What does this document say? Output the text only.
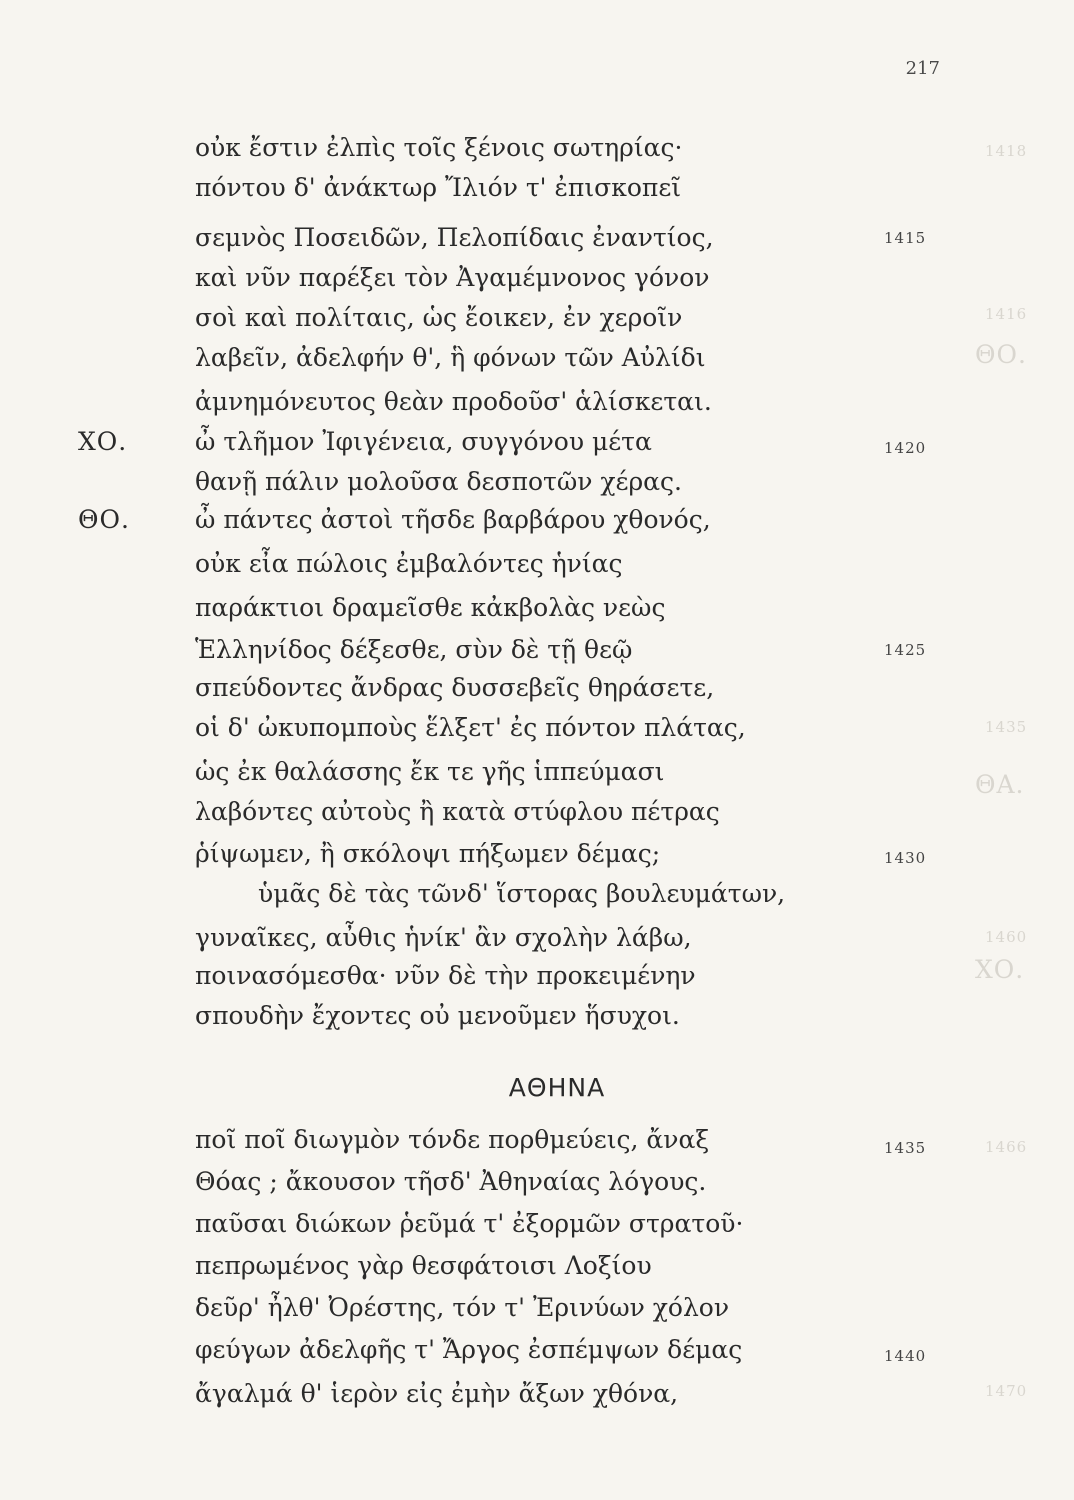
1418
1416
ΘΟ.
1435
ΘΑ.
1460
ΧΟ.
1466
1470
217
οὐκ ἔστιν ἐλπὶς τοῖς ξένοις σωτηρίας·
πόντου δ' ἀνάκτωρ Ἴλιόν τ' ἐπισκοπεῖ
σεμνὸς Ποσειδῶν, Πελοπίδαις ἐναντίος,	1415
καὶ νῦν παρέξει τὸν Ἀγαμέμνονος γόνον
σοὶ καὶ πολίταις, ὡς ἔοικεν, ἐν χεροῖν
λαβεῖν, ἀδελφήν θ', ἣ φόνων τῶν Αὐλίδι
ἀμνημόνευτος θεὰν προδοῦσ' ἁλίσκεται.
ΧΟ.	ὦ τλῆμον Ἰφιγένεια, συγγόνου μέτα	1420
θανῇ πάλιν μολοῦσα δεσποτῶν χέρας.
ΘΟ.	ὦ πάντες ἀστοὶ τῆσδε βαρβάρου χθονός,
οὐκ εἶα πώλοις ἐμβαλόντες ἡνίας
παράκτιοι δραμεῖσθε κἀκβολὰς νεὼς
Ἑλληνίδος δέξεσθε, σὺν δὲ τῇ θεῷ	1425
σπεύδοντες ἄνδρας δυσσεβεῖς θηράσετε,
οἱ δ' ὠκυπομποὺς ἕλξετ' ἐς πόντον πλάτας,
ὡς ἐκ θαλάσσης ἔκ τε γῆς ἱππεύμασι
λαβόντες αὐτοὺς ἢ κατὰ στύφλου πέτρας
ῥίψωμεν, ἢ σκόλοψι πήξωμεν δέμας;	1430
ὑμᾶς δὲ τὰς τῶνδ' ἵστορας βουλευμάτων,
γυναῖκες, αὖθις ἡνίκ' ἂν σχολὴν λάβω,
ποινασόμεσθα· νῦν δὲ τὴν προκειμένην
σπουδὴν ἔχοντες οὐ μενοῦμεν ἥσυχοι.
ΑΘΗΝΑ
ποῖ ποῖ διωγμὸν τόνδε πορθμεύεις, ἄναξ	1435
Θόας ; ἄκουσον τῆσδ' Ἀθηναίας λόγους.
παῦσαι διώκων ῥεῦμά τ' ἐξορμῶν στρατοῦ·
πεπρωμένος γὰρ θεσφάτοισι Λοξίου
δεῦρ' ἦλθ' Ὀρέστης, τόν τ' Ἐρινύων χόλον
φεύγων ἀδελφῆς τ' Ἄργος ἐσπέμψων δέμας	1440
ἄγαλμά θ' ἱερὸν εἰς ἐμὴν ἄξων χθόνα,
